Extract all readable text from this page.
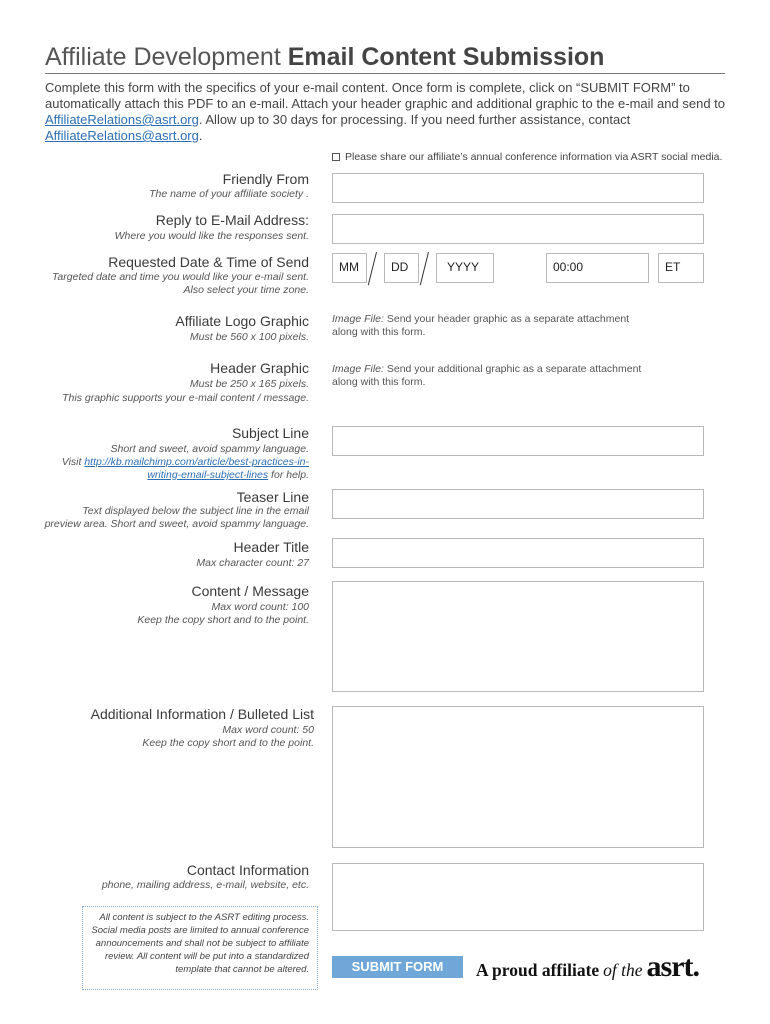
Affiliate Development Email Content Submission
Complete this form with the specifics of your e-mail content. Once form is complete, click on “SUBMIT FORM” to automatically attach this PDF to an e-mail. Attach your header graphic and additional graphic to the e-mail and send to AffiliateRelations@asrt.org. Allow up to 30 days for processing. If you need further assistance, contact
AffiliateRelations@asrt.org.
Please share our affiliate’s annual conference information via ASRT social media.
Friendly From
The name of your affiliate society .
Reply to E-Mail Address:
Where you would like the responses sent.
Requested Date & Time of Send
Targeted date and time you would like your e-mail sent.
Also select your time zone.
MM	DD	YYYY	00:00	ET
Affiliate Logo Graphic
Must be 560 x 100 pixels.
Image File: Send your header graphic as a separate attachment
along with this form.
Header Graphic
Must be 250 x 165 pixels.
This graphic supports your e-mail content / message.
Image File: Send your additional graphic as a separate attachment
along with this form.
Subject Line
Short and sweet, avoid spammy language.
Visit http://kb.mailchimp.com/article/best-practices-in-
writing-email-subject-lines for help.
Teaser Line
Text displayed below the subject line in the email
preview area. Short and sweet, avoid spammy language.
Header Title
Max character count: 27
Content / Message
Max word count: 100
Keep the copy short and to the point.
Additional Information / Bulleted List
Max word count: 50
Keep the copy short and to the point.
Contact Information
phone, mailing address, e-mail, website, etc.
All content is subject to the ASRT editing process.
Social media posts are limited to annual conference
announcements and shall not be subject to affiliate
review. All content will be put into a standardized
template that cannot be altered.	SUBMIT FORM	A proud affiliate of the asrt.
